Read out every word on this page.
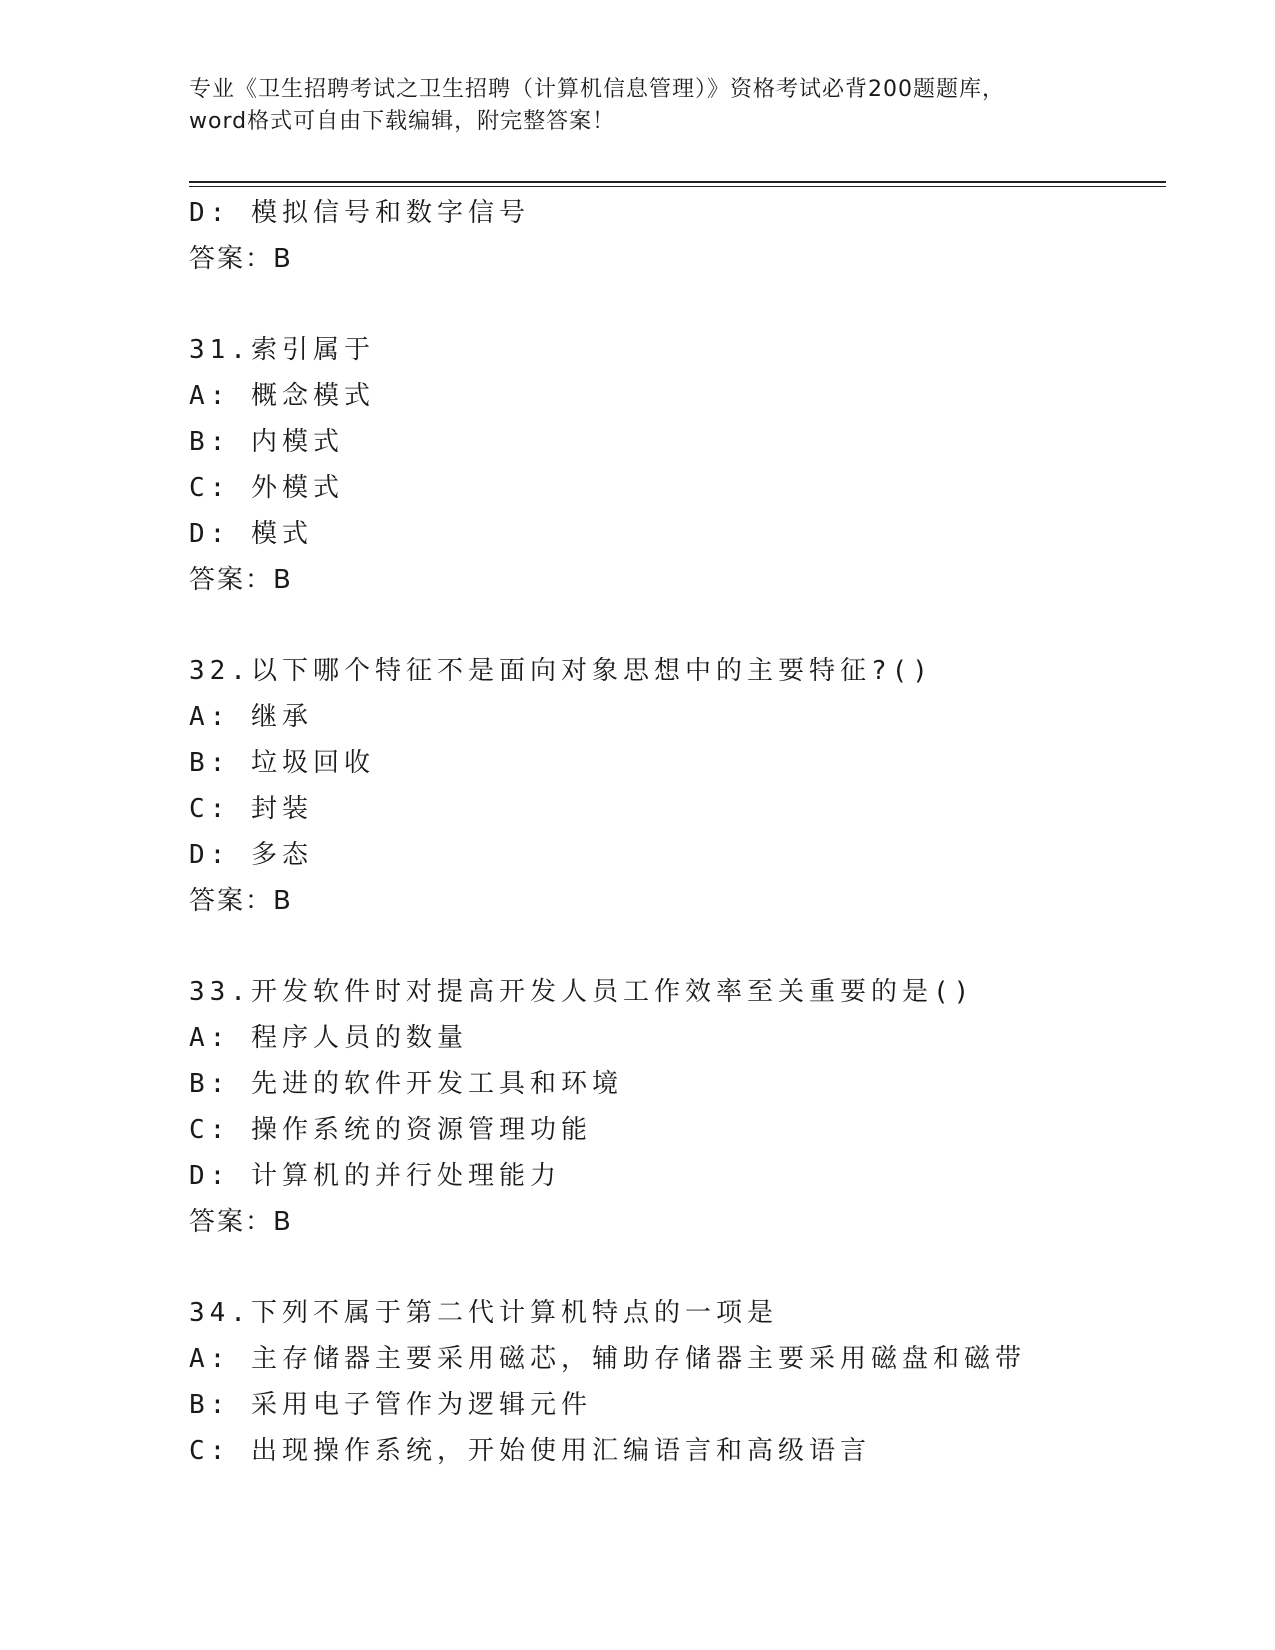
专业《卫生招聘考试之卫生招聘（计算机信息管理）》资格考试必背200题题库，
word格式可自由下载编辑，附完整答案！
D: 模拟信号和数字信号
答案：B
31.索引属于
A: 概念模式
B: 内模式
C: 外模式
D: 模式
答案：B
32.以下哪个特征不是面向对象思想中的主要特征?()
A: 继承
B: 垃圾回收
C: 封装
D: 多态
答案：B
33.开发软件时对提高开发人员工作效率至关重要的是()
A: 程序人员的数量
B: 先进的软件开发工具和环境
C: 操作系统的资源管理功能
D: 计算机的并行处理能力
答案：B
34.下列不属于第二代计算机特点的一项是
A: 主存储器主要采用磁芯，辅助存储器主要采用磁盘和磁带
B: 采用电子管作为逻辑元件
C: 出现操作系统，开始使用汇编语言和高级语言
